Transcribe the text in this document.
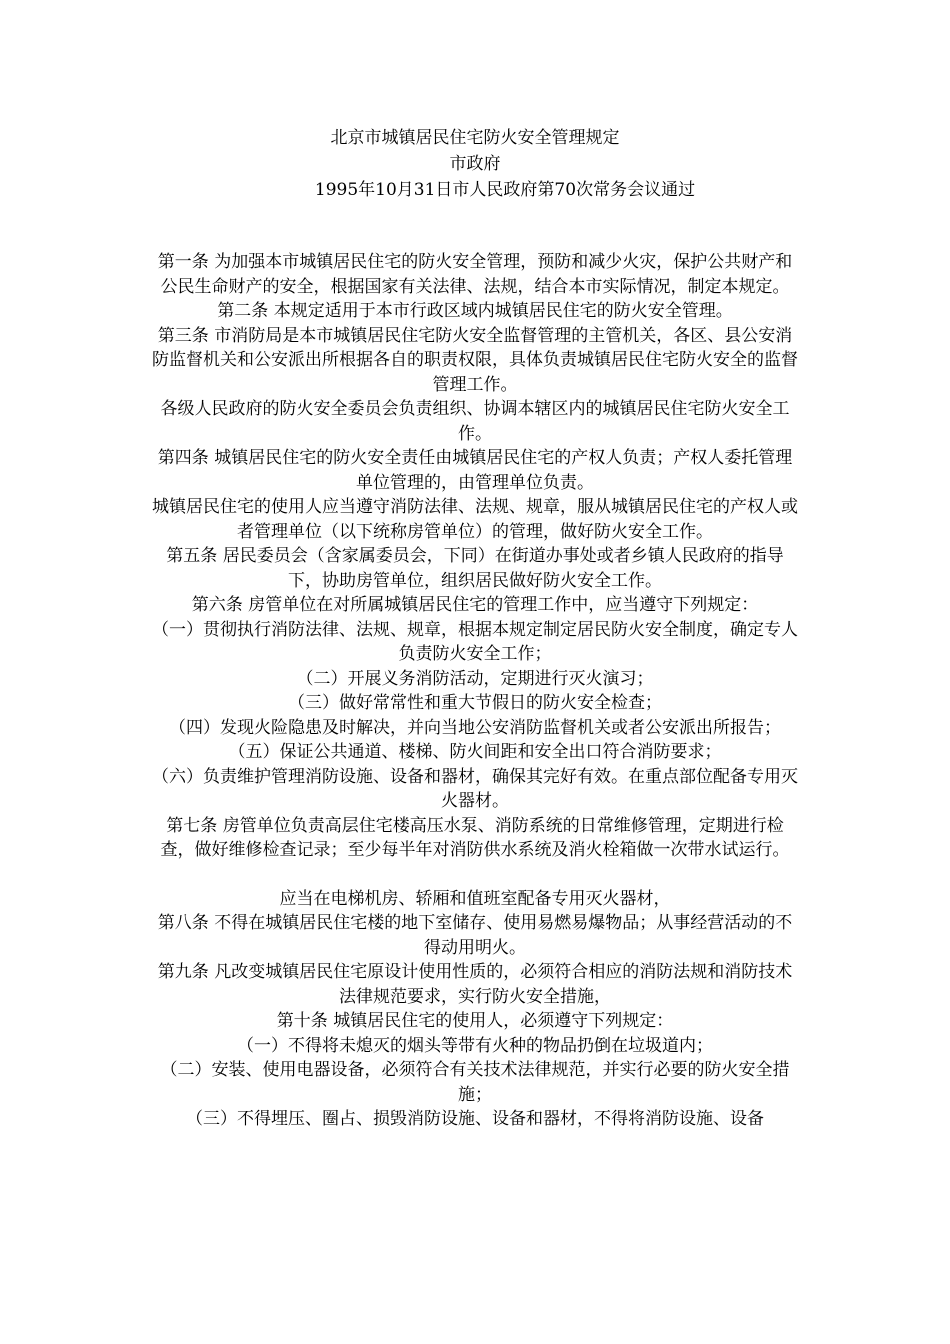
北京市城镇居民住宅防火安全管理规定
市政府
1995年10月31日市人民政府第70次常务会议通过

第一条 为加强本市城镇居民住宅的防火安全管理，预防和减少火灾，保护公共财产和公民生命财产的安全，根据国家有关法律、法规，结合本市实际情况，制定本规定。

第二条 本规定适用于本市行政区域内城镇居民住宅的防火安全管理。

第三条 市消防局是本市城镇居民住宅防火安全监督管理的主管机关，各区、县公安消防监督机关和公安派出所根据各自的职责权限，具体负责城镇居民住宅防火安全的监督管理工作。

各级人民政府的防火安全委员会负责组织、协调本辖区内的城镇居民住宅防火安全工作。

第四条 城镇居民住宅的防火安全责任由城镇居民住宅的产权人负责；产权人委托管理单位管理的，由管理单位负责。

城镇居民住宅的使用人应当遵守消防法律、法规、规章，服从城镇居民住宅的产权人或者管理单位（以下统称房管单位）的管理，做好防火安全工作。

第五条 居民委员会（含家属委员会，下同）在街道办事处或者乡镇人民政府的指导下，协助房管单位，组织居民做好防火安全工作。

第六条 房管单位在对所属城镇居民住宅的管理工作中，应当遵守下列规定：

（一）贯彻执行消防法律、法规、规章，根据本规定制定居民防火安全制度，确定专人负责防火安全工作；

（二）开展义务消防活动，定期进行灭火演习；

（三）做好常常性和重大节假日的防火安全检查；

（四）发现火险隐患及时解决，并向当地公安消防监督机关或者公安派出所报告；

（五）保证公共通道、楼梯、防火间距和安全出口符合消防要求；

（六）负责维护管理消防设施、设备和器材，确保其完好有效。在重点部位配备专用灭火器材。

第七条 房管单位负责高层住宅楼高压水泵、消防系统的日常维修管理，定期进行检查，做好维修检查记录；至少每半年对消防供水系统及消火栓箱做一次带水试运行。

应当在电梯机房、轿厢和值班室配备专用灭火器材，

第八条 不得在城镇居民住宅楼的地下室储存、使用易燃易爆物品；从事经营活动的不得动用明火。

第九条 凡改变城镇居民住宅原设计使用性质的，必须符合相应的消防法规和消防技术法律规范要求，实行防火安全措施，

第十条 城镇居民住宅的使用人，必须遵守下列规定：

（一）不得将未熄灭的烟头等带有火种的物品扔倒在垃圾道内；

（二）安装、使用电器设备，必须符合有关技术法律规范，并实行必要的防火安全措施；

（三）不得埋压、圈占、损毁消防设施、设备和器材，不得将消防设施、设备
